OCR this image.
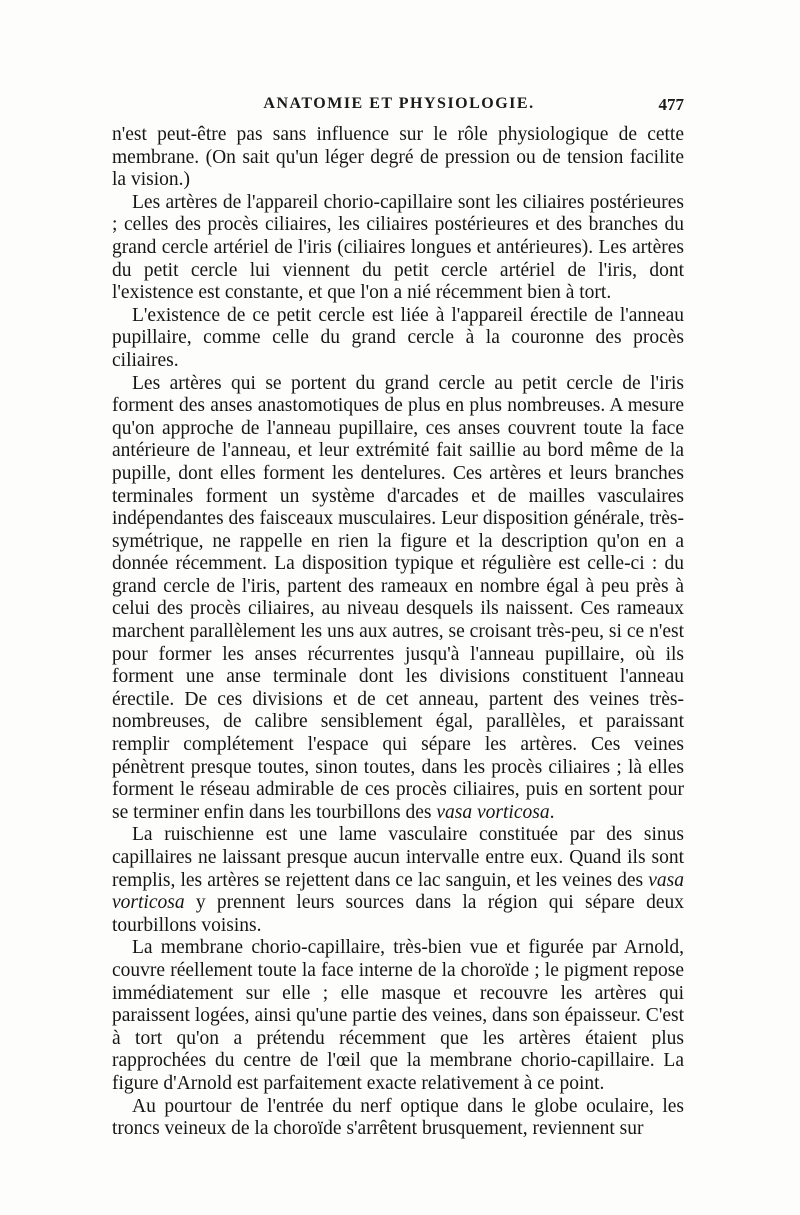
ANATOMIE ET PHYSIOLOGIE.	477

n'est peut-être pas sans influence sur le rôle physiologique de cette membrane. (On sait qu'un léger degré de pression ou de tension facilite la vision.)

Les artères de l'appareil chorio-capillaire sont les ciliaires postérieures ; celles des procès ciliaires, les ciliaires postérieures et des branches du grand cercle artériel de l'iris (ciliaires longues et antérieures). Les artères du petit cercle lui viennent du petit cercle artériel de l'iris, dont l'existence est constante, et que l'on a nié récemment bien à tort.

L'existence de ce petit cercle est liée à l'appareil érectile de l'anneau pupillaire, comme celle du grand cercle à la couronne des procès ciliaires.

Les artères qui se portent du grand cercle au petit cercle de l'iris forment des anses anastomotiques de plus en plus nombreuses. A mesure qu'on approche de l'anneau pupillaire, ces anses couvrent toute la face antérieure de l'anneau, et leur extrémité fait saillie au bord même de la pupille, dont elles forment les dentelures. Ces artères et leurs branches terminales forment un système d'arcades et de mailles vasculaires indépendantes des faisceaux musculaires. Leur disposition générale, très-symétrique, ne rappelle en rien la figure et la description qu'on en a donnée récemment. La disposition typique et régulière est celle-ci : du grand cercle de l'iris, partent des rameaux en nombre égal à peu près à celui des procès ciliaires, au niveau desquels ils naissent. Ces rameaux marchent parallèlement les uns aux autres, se croisant très-peu, si ce n'est pour former les anses récurrentes jusqu'à l'anneau pupillaire, où ils forment une anse terminale dont les divisions constituent l'anneau érectile. De ces divisions et de cet anneau, partent des veines très-nombreuses, de calibre sensiblement égal, parallèles, et paraissant remplir complétement l'espace qui sépare les artères. Ces veines pénètrent presque toutes, sinon toutes, dans les procès ciliaires ; là elles forment le réseau admirable de ces procès ciliaires, puis en sortent pour se terminer enfin dans les tourbillons des vasa vorticosa.

La ruischienne est une lame vasculaire constituée par des sinus capillaires ne laissant presque aucun intervalle entre eux. Quand ils sont remplis, les artères se rejettent dans ce lac sanguin, et les veines des vasa vorticosa y prennent leurs sources dans la région qui sépare deux tourbillons voisins.

La membrane chorio-capillaire, très-bien vue et figurée par Arnold, couvre réellement toute la face interne de la choroïde ; le pigment repose immédiatement sur elle ; elle masque et recouvre les artères qui paraissent logées, ainsi qu'une partie des veines, dans son épaisseur. C'est à tort qu'on a prétendu récemment que les artères étaient plus rapprochées du centre de l'œil que la membrane chorio-capillaire. La figure d'Arnold est parfaitement exacte relativement à ce point.

Au pourtour de l'entrée du nerf optique dans le globe oculaire, les troncs veineux de la choroïde s'arrêtent brusquement, reviennent sur
